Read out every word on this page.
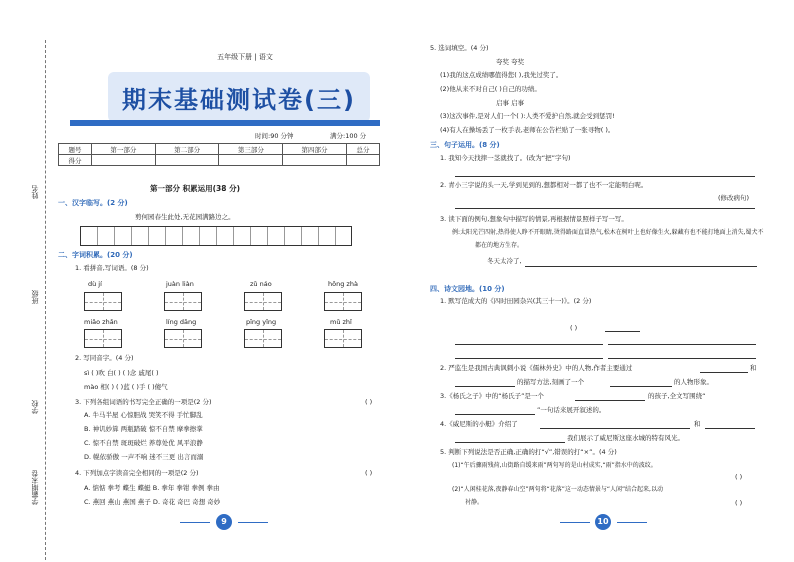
姓名
班级
学校
学霸期末卷
五年级下册 | 语文
期末基础测试卷(三)
时间:90 分钟	满分:100 分
题号	第一部分	第二部分	第三部分	第四部分	总分
得分					
第一部分 积累运用(38 分)
一、汉字临写。(2 分)
剪何园春生此处,无花园满路边之。
二、字词积累。(20 分)
1. 看拼音,写词语。(8 分)
dù jí	juàn liàn	zǔ náo	hōng zhà
miǎo zhǎn	líng dāng	pīng yǐng	mǔ zhǐ
2. 写同音字。(4 分)
sì ( )吹 白( ) ( )念 戚尾( )
mào 相( ) ( )蓝 ( )手 ( )傻气
3. 下列各组词语的书写完全正确的一项是(2 分)	( )
A. 牛马半屋 心惊胆战 哭笑不得 手忙脚乱
B. 神讥妙算 两瓶踏破 惊不自禁 摩拳擦掌
C. 惊不自禁 斑斑破烂 养尊处优 风平浪静
D. 幌依骄傲 一声不响 迷不三更 出言而溺
4. 下列加点字读音完全相同的一项是(2 分)	( )
A. 惦惦 拳考 蝶生 蝶蜓 B. 拳年 拳钳 拳例 拳由
C. 燕回 燕山 燕国 燕子 D. 奇花 奇巴 奇想 奇妙
9
5. 选词填空。(4 分)
夸奖 夸奖
(1)我的这点成绩哪值得您( ),我先过奖了。
(2)他从来不对自己( )自己的功绩。
启事 启事
(3)这次事件,是对人们一个( ):人类不爱护自然,就会受到惩罚!
(4)有人在操场丢了一枚手表,老师在公告栏贴了一张寻物( )。
三、句子运用。(8 分)
1. 我知今天找摔一茎就找了。(改为“把”字句)
2. 青小三字说的头一天,学到见到的,想都相对一都了也不一定能明白呢。
(修改病句)
3. 读下面的例句,想象句中描写的情景,再根据情景照样子写一写。
例:太阳光芒四射,热得使人睁不开眼睛,烫得路面直冒热气,松木在树叶上也好像生火,躲藏有也不能打地面上消失,蜀犬不
都在的地方生存。
冬天太冷了,
四、诗文园地。(10 分)
1. 默写范成大的《四时田园杂兴(其三十一)》。(2 分)
( )
2. 严监生是我国古典讽刺小说《儒林外史》中的人物,作者主要通过	和
的描写方法,刻画了一个	的人物形象。
3.《杨氏之子》中的“杨氏子”是一个	的孩子,全文写围绕“
”一句话来展开叙述的。
4.《威尼斯的小艇》介绍了	和
我们展示了威尼斯这座水城的特有风光。
5. 判断下列说法是否正确,正确的打“√”,错误的打“×”。(4 分)
(1)“午后骤雨残荷,山街路自缓来雨”两句写的是山村成实,“雨”指水中的波纹。
( )
(2)“人闲桂花落,夜静春山空”两句将“花落”这一动态情景与“人闲”结合起来,以动
衬静。	( )
10
